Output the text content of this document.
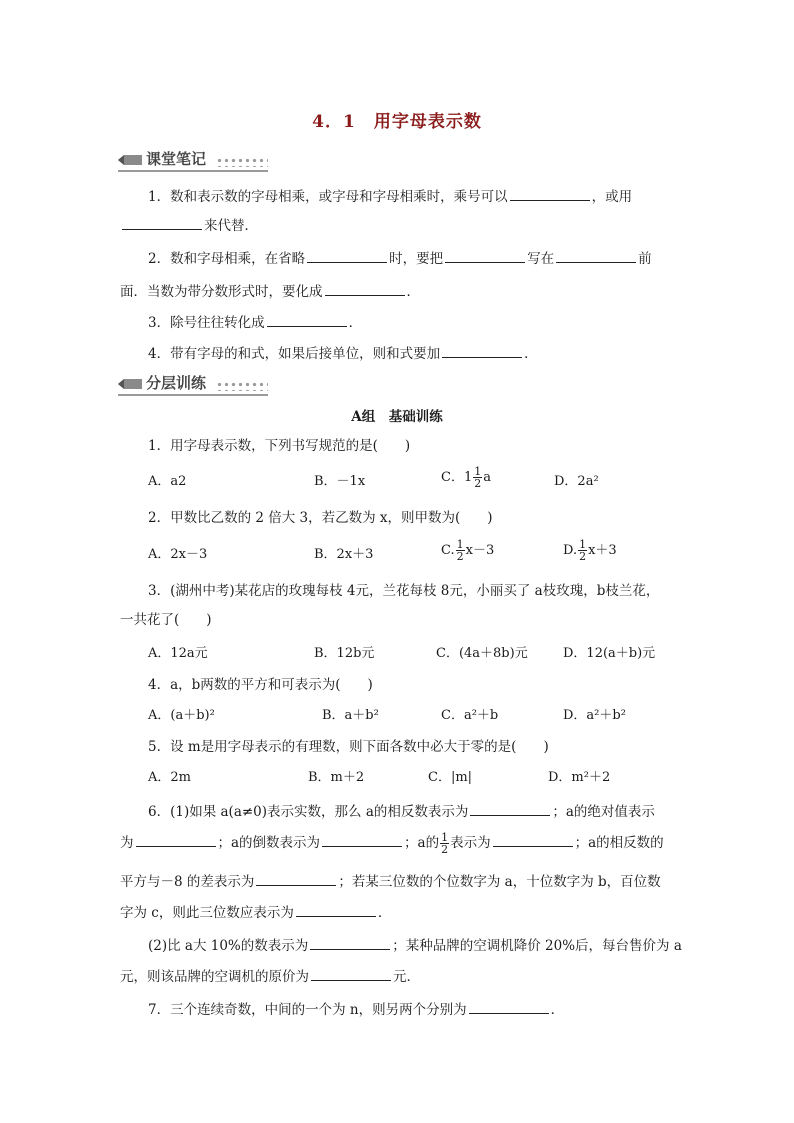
4．1　用字母表示数
课堂笔记
1．数和表示数的字母相乘，或字母和字母相乘时，乘号可以	，或用
来代替．
2．数和字母相乘，在省略	时，要把	写在	前
面．当数为带分数形式时，要化成	．
3．除号往往转化成	．
4．带有字母的和式，如果后接单位，则和式要加	．
分层训练
A组　基础训练
1．用字母表示数，下列书写规范的是(　　)
A．a2	B．－1x	C．$1 \frac{1}{2}$ a	D．2a²
2．甲数比乙数的 2 倍大 3，若乙数为 x，则甲数为(　　)
A．2x－3	B．2x＋3	C. $\frac{1}{2} x-3$	D. $\frac{1}{2} x+3$
3．(湖州中考)某花店的玫瑰每枝 4元，兰花每枝 8元，小丽买了 a枝玫瑰，b枝兰花，
一共花了(　　)
A．12a元	B．12b元	C．(4a＋8b)元	D．12(a＋b)元
4．a，b两数的平方和可表示为(　　)
A．(a＋b)²	B．a＋b²	C．a²＋b	D．a²＋b²
5．设 m是用字母表示的有理数，则下面各数中必大于零的是(　　)
A．2m	B．m＋2	C．|m|	D．m²＋2
6．(1)如果 a(a≠0)表示实数，那么 a的相反数表示为	；a的绝对值表示
为	；a的倒数表示为	；a的 $\frac{1}{2}$ 表示为	；a的相反数的
平方与－8 的差表示为	；若某三位数的个位数字为 a，十位数字为 b，百位数
字为 c，则此三位数应表示为	．
(2)比 a大 10%的数表示为	；某种品牌的空调机降价 20%后，每台售价为 a
元，则该品牌的空调机的原价为	元．
7．三个连续奇数，中间的一个为 n，则另两个分别为	．
